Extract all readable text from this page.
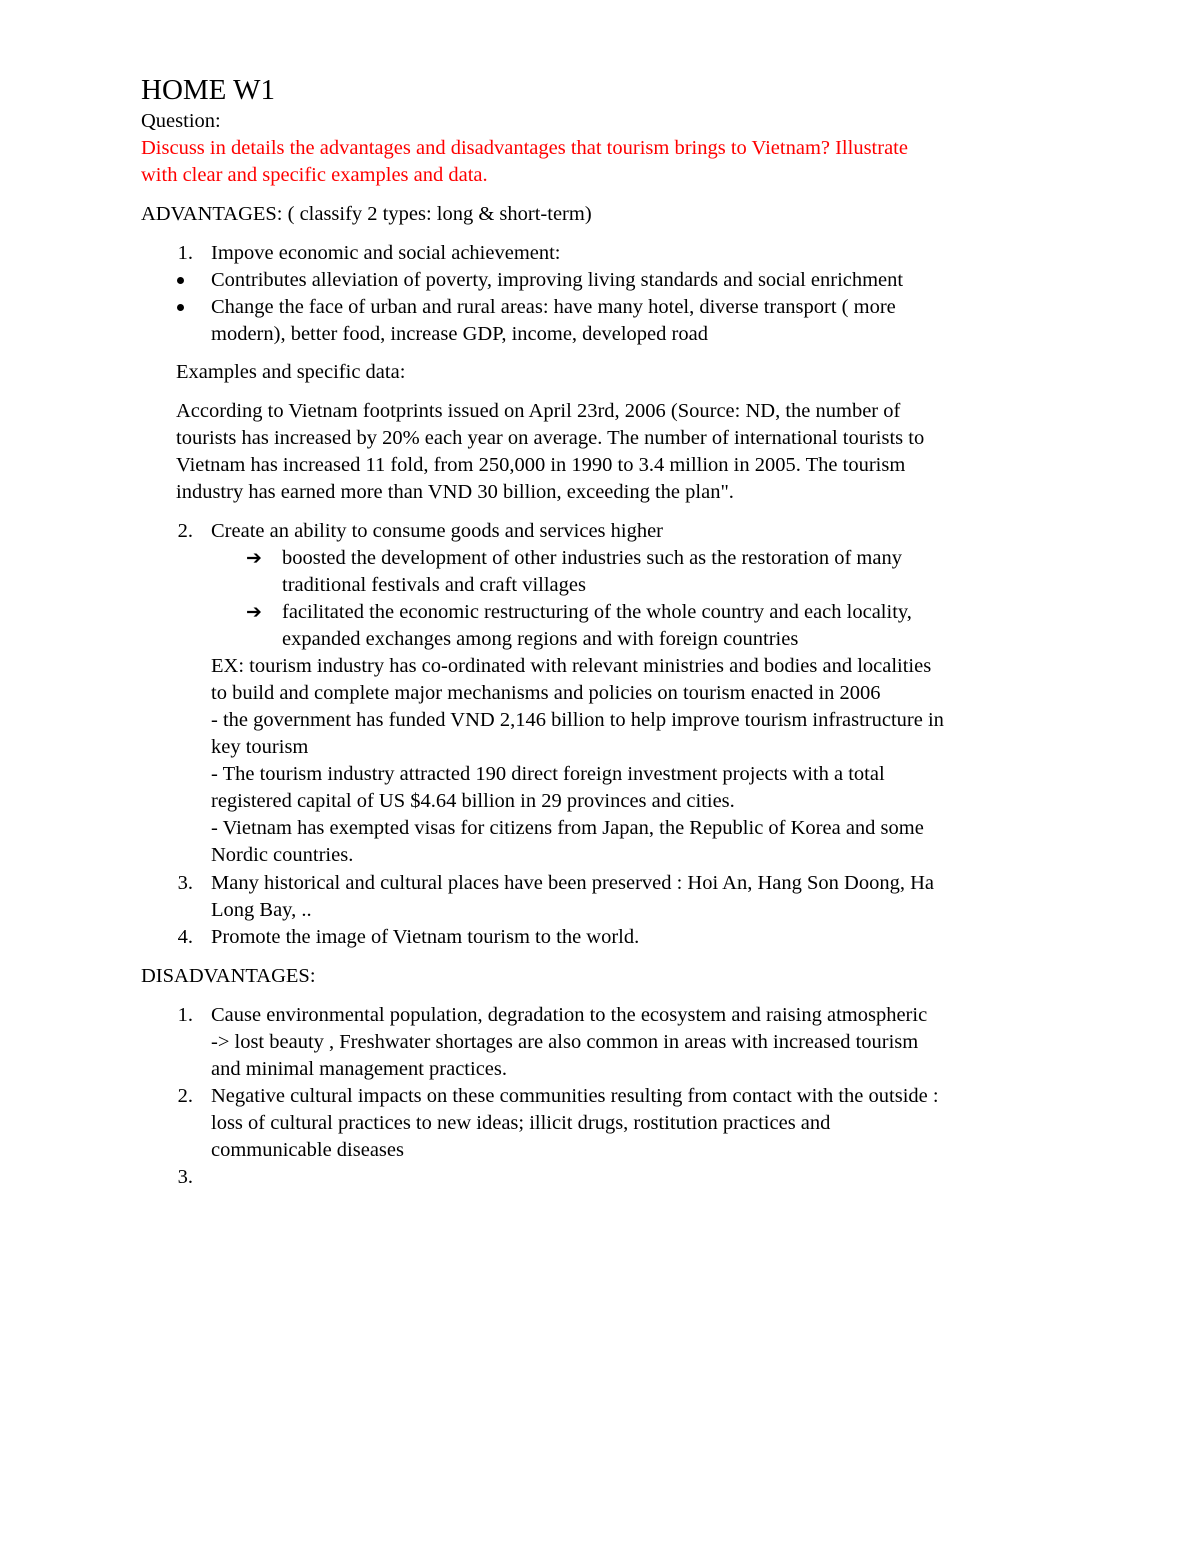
HOME W1
Question:
Discuss in details the advantages and disadvantages that tourism brings to Vietnam? Illustrate
with clear and specific examples and data.
ADVANTAGES: ( classify 2 types: long & short-term)
1. Impove economic and social achievement:
Contributes alleviation of poverty, improving living standards and social enrichment
Change the face of urban and rural areas: have many hotel, diverse transport ( more
modern), better food, increase GDP, income, developed road
Examples and specific data:
According to Vietnam footprints issued on April 23rd, 2006 (Source: ND, the number of
tourists has increased by 20% each year on average. The number of international tourists to
Vietnam has increased 11 fold, from 250,000 in 1990 to 3.4 million in 2005. The tourism
industry has earned more than VND 30 billion, exceeding the plan".
2. Create an ability to consume goods and services higher
➔ boosted the development of other industries such as the restoration of many
traditional festivals and craft villages
➔ facilitated the economic restructuring of the whole country and each locality,
expanded exchanges among regions and with foreign countries
EX: tourism industry has co-ordinated with relevant ministries and bodies and localities
to build and complete major mechanisms and policies on tourism enacted in 2006
- the government has funded VND 2,146 billion to help improve tourism infrastructure in
key tourism
- The tourism industry attracted 190 direct foreign investment projects with a total
registered capital of US $4.64 billion in 29 provinces and cities.
- Vietnam has exempted visas for citizens from Japan, the Republic of Korea and some
Nordic countries.
3. Many historical and cultural places have been preserved : Hoi An, Hang Son Doong, Ha
Long Bay, ..
4. Promote the image of Vietnam tourism to the world.
DISADVANTAGES:
1. Cause environmental population, degradation to the ecosystem and raising atmospheric
-> lost beauty , Freshwater shortages are also common in areas with increased tourism
and minimal management practices.
2. Negative cultural impacts on these communities resulting from contact with the outside :
loss of cultural practices to new ideas; illicit drugs, rostitution practices and
communicable diseases
3.
